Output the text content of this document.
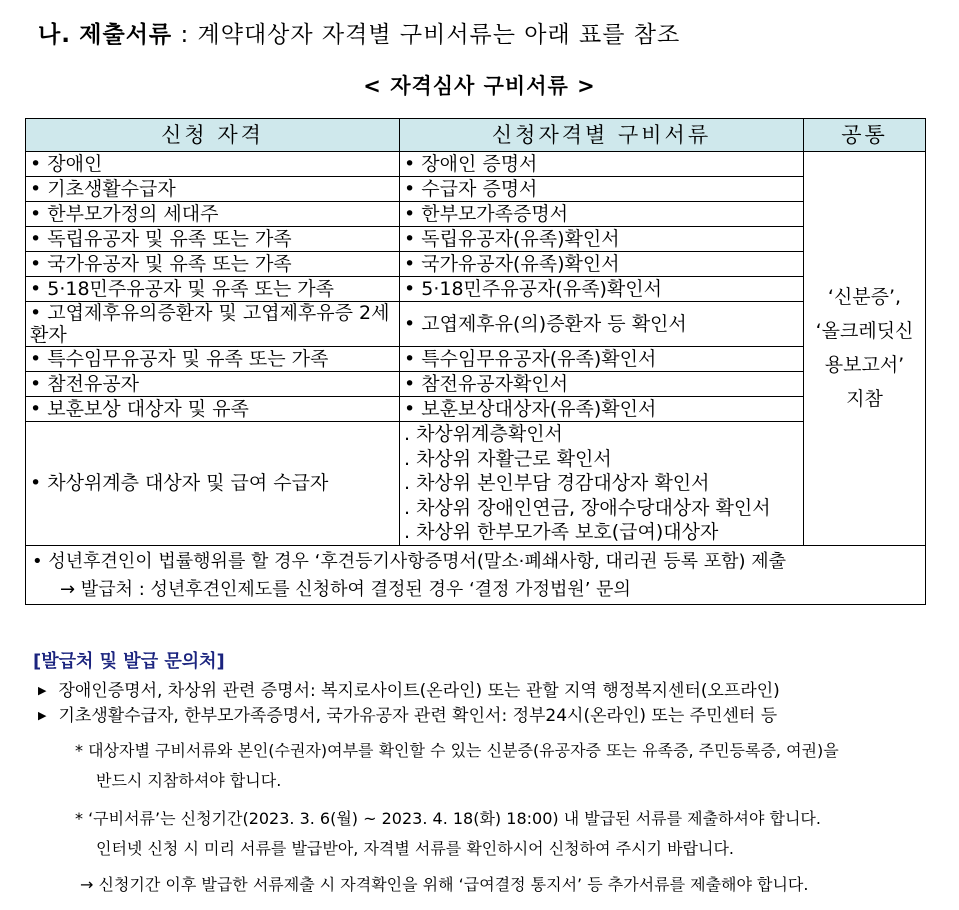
나. 제출서류 : 계약대상자 자격별 구비서류는 아래 표를 참조
< 자격심사 구비서류 >
신청 자격	신청자격별 구비서류	공통
• 장애인	• 장애인 증명서	‘신분증’,
‘올크레딧신
용보고서’
지참

• 기초생활수급자	• 수급자 증명서	
• 한부모가정의 세대주	• 한부모가족증명서	
• 독립유공자 및 유족 또는 가족	• 독립유공자(유족)확인서	
• 국가유공자 및 유족 또는 가족	• 국가유공자(유족)확인서	
• 5·18민주유공자 및 유족 또는 가족	• 5·18민주유공자(유족)확인서	
• 고엽제후유의증환자 및 고엽제후유증 2세환자	• 고엽제후유(의)증환자 등 확인서	
• 특수임무유공자 및 유족 또는 가족	• 특수임무유공자(유족)확인서	
• 참전유공자	• 참전유공자확인서	
• 보훈보상 대상자 및 유족	• 보훈보상대상자(유족)확인서	
• 차상위계층 대상자 및 급여 수급자	. 차상위계층확인서
. 차상위 자활근로 확인서
. 차상위 본인부담 경감대상자 확인서
. 차상위 장애인연금, 장애수당대상자 확인서
. 차상위 한부모가족 보호(급여)대상자	

• 성년후견인이 법률행위를 할 경우 ‘후견등기사항증명서(말소·폐쇄사항, 대리권 등록 포함) 제출
→ 발급처 : 성년후견인제도를 신청하여 결정된 경우 ‘결정 가정법원’ 문의		
[발급처 및 발급 문의처]
▶ 장애인증명서, 차상위 관련 증명서: 복지로사이트(온라인) 또는 관할 지역 행정복지센터(오프라인)
▶ 기초생활수급자, 한부모가족증명서, 국가유공자 관련 확인서: 정부24시(온라인) 또는 주민센터 등
* 대상자별 구비서류와 본인(수권자)여부를 확인할 수 있는 신분증(유공자증 또는 유족증, 주민등록증, 여권)을
반드시 지참하셔야 합니다.
* ‘구비서류’는 신청기간(2023. 3. 6(월) ~ 2023. 4. 18(화) 18:00) 내 발급된 서류를 제출하셔야 합니다.
인터넷 신청 시 미리 서류를 발급받아, 자격별 서류를 확인하시어 신청하여 주시기 바랍니다.
→ 신청기간 이후 발급한 서류제출 시 자격확인을 위해 ‘급여결정 통지서’ 등 추가서류를 제출해야 합니다.
